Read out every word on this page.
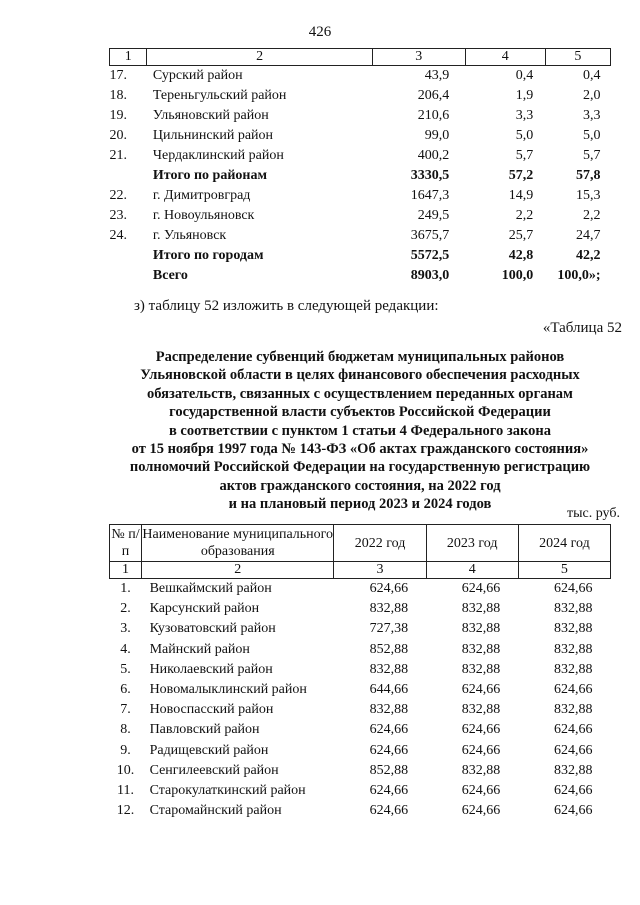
426
1	2	3	4	5
17.	Сурский район	43,9	0,4	0,4
18.	Тереньгульский район	206,4	1,9	2,0
19.	Ульяновский район	210,6	3,3	3,3
20.	Цильнинский район	99,0	5,0	5,0
21.	Чердаклинский район	400,2	5,7	5,7
	Итого по районам	3330,5	57,2	57,8
22.	г. Димитровград	1647,3	14,9	15,3
23.	г. Новоульяновск	249,5	2,2	2,2
24.	г. Ульяновск	3675,7	25,7	24,7
	Итого по городам	5572,5	42,8	42,2
	Всего	8903,0	100,0	100,0»;
з) таблицу 52 изложить в следующей редакции:
«Таблица 52
Распределение субвенций бюджетам муниципальных районов
Ульяновской области в целях финансового обеспечения расходных
обязательств, связанных с осуществлением переданных органам
государственной власти субъектов Российской Федерации
в соответствии с пунктом 1 статьи 4 Федерального закона
от 15 ноября 1997 года № 143-ФЗ «Об актах гражданского состояния»
полномочий Российской Федерации на государственную регистрацию
актов гражданского состояния, на 2022 год
и на плановый период 2023 и 2024 годов
тыс. руб.
№ п/п	Наименование муниципального образования	2022 год	2023 год	2024 год
1	2	3	4	5
1.	Вешкаймский район	624,66	624,66	624,66
2.	Карсунский район	832,88	832,88	832,88
3.	Кузоватовский район	727,38	832,88	832,88
4.	Майнский район	852,88	832,88	832,88
5.	Николаевский район	832,88	832,88	832,88
6.	Новомалыклинский район	644,66	624,66	624,66
7.	Новоспасский район	832,88	832,88	832,88
8.	Павловский район	624,66	624,66	624,66
9.	Радищевский район	624,66	624,66	624,66
10.	Сенгилеевский район	852,88	832,88	832,88
11.	Старокулаткинский район	624,66	624,66	624,66
12.	Старомайнский район	624,66	624,66	624,66
